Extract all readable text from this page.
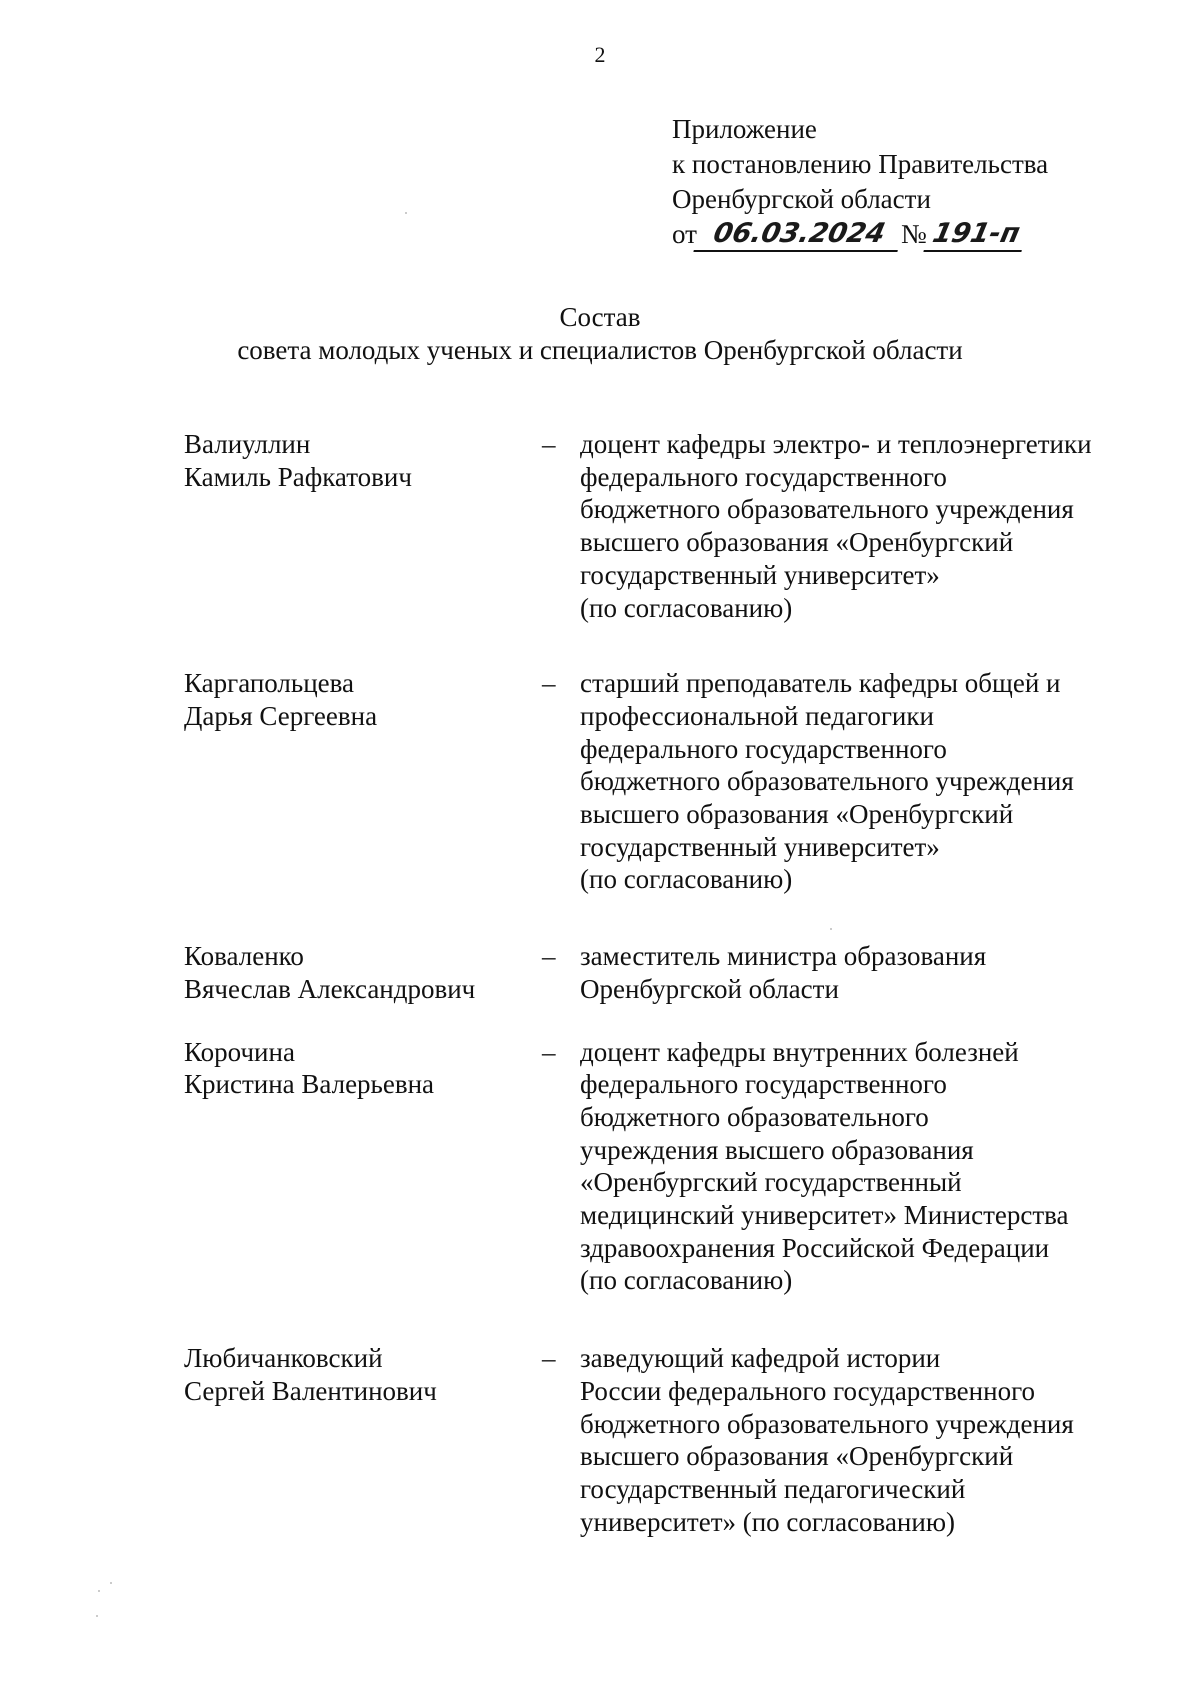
2
Приложение
к постановлению Правительства
Оренбургской области
от 06.03.2024 № 191-п
Состав
совета молодых ученых и специалистов Оренбургской области
Валиуллин
Камиль Рафкатович
– доцент кафедры электро- и теплоэнергетики
федерального государственного
бюджетного образовательного учреждения
высшего образования «Оренбургский
государственный университет»
(по согласованию)
Каргапольцева
Дарья Сергеевна
– старший преподаватель кафедры общей и
профессиональной педагогики
федерального государственного
бюджетного образовательного учреждения
высшего образования «Оренбургский
государственный университет»
(по согласованию)
Коваленко
Вячеслав Александрович
– заместитель министра образования
Оренбургской области
Корочина
Кристина Валерьевна
– доцент кафедры внутренних болезней
федерального государственного
бюджетного образовательного
учреждения высшего образования
«Оренбургский государственный
медицинский университет» Министерства
здравоохранения Российской Федерации
(по согласованию)
Любичанковский
Сергей Валентинович
– заведующий кафедрой истории
России федерального государственного
бюджетного образовательного учреждения
высшего образования «Оренбургский
государственный педагогический
университет» (по согласованию)
